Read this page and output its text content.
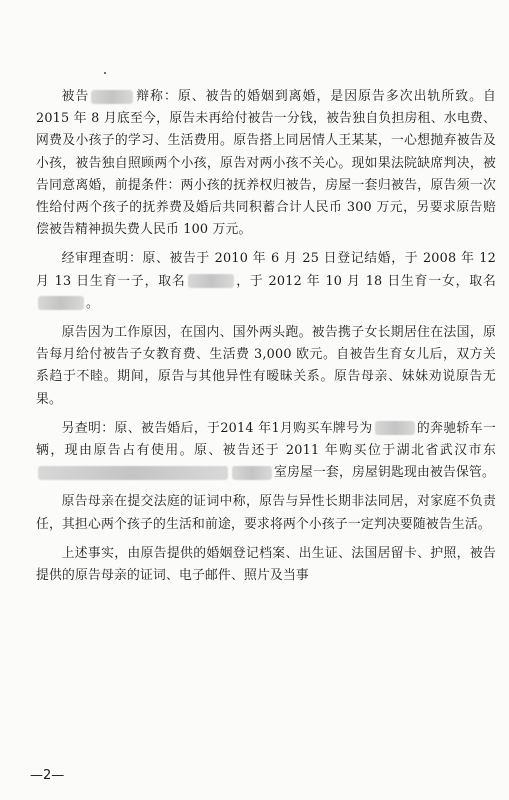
被告	辩称：原、被告的婚姻到离婚，是因原告多次出轨所致。自 2015 年 8 月底至今，原告未再给付被告一分钱，被告独自负担房租、水电费、网费及小孩子的学习、生活费用。原告搭上同居情人王某某，一心想抛弃被告及小孩，被告独自照顾两个小孩，原告对两小孩不关心。现如果法院缺席判决，被告同意离婚，前提条件：两小孩的抚养权归被告，房屋一套归被告，原告须一次性给付两个孩子的抚养费及婚后共同积蓄合计人民币 300 万元，另要求原告赔偿被告精神损失费人民币 100 万元。

经审理查明：原、被告于 2010 年 6 月 25 日登记结婚，于 2008 年 12 月 13 日生育一子，取名	，于 2012 年 10 月 18 日生育一女，取名。

原告因为工作原因，在国内、国外两头跑。被告携子女长期居住在法国，原告每月给付被告子女教育费、生活费 3,000 欧元。自被告生育女儿后，双方关系趋于不睦。期间，原告与其他异性有暧昧关系。原告母亲、妹妹劝说原告无果。

另查明：原、被告婚后，于2014 年1月购买车牌号为	的奔驰轿车一辆，现由原告占有使用。原、被告还于 2011 年购买位于湖北省武汉市东室房屋一套，房屋钥匙现由被告保管。

原告母亲在提交法庭的证词中称，原告与异性长期非法同居，对家庭不负责任，其担心两个孩子的生活和前途，要求将两个小孩子一定判决要随被告生活。

上述事实，由原告提供的婚姻登记档案、出生证、法国居留卡、护照，被告提供的原告母亲的证词、电子邮件、照片及当事

—2—
